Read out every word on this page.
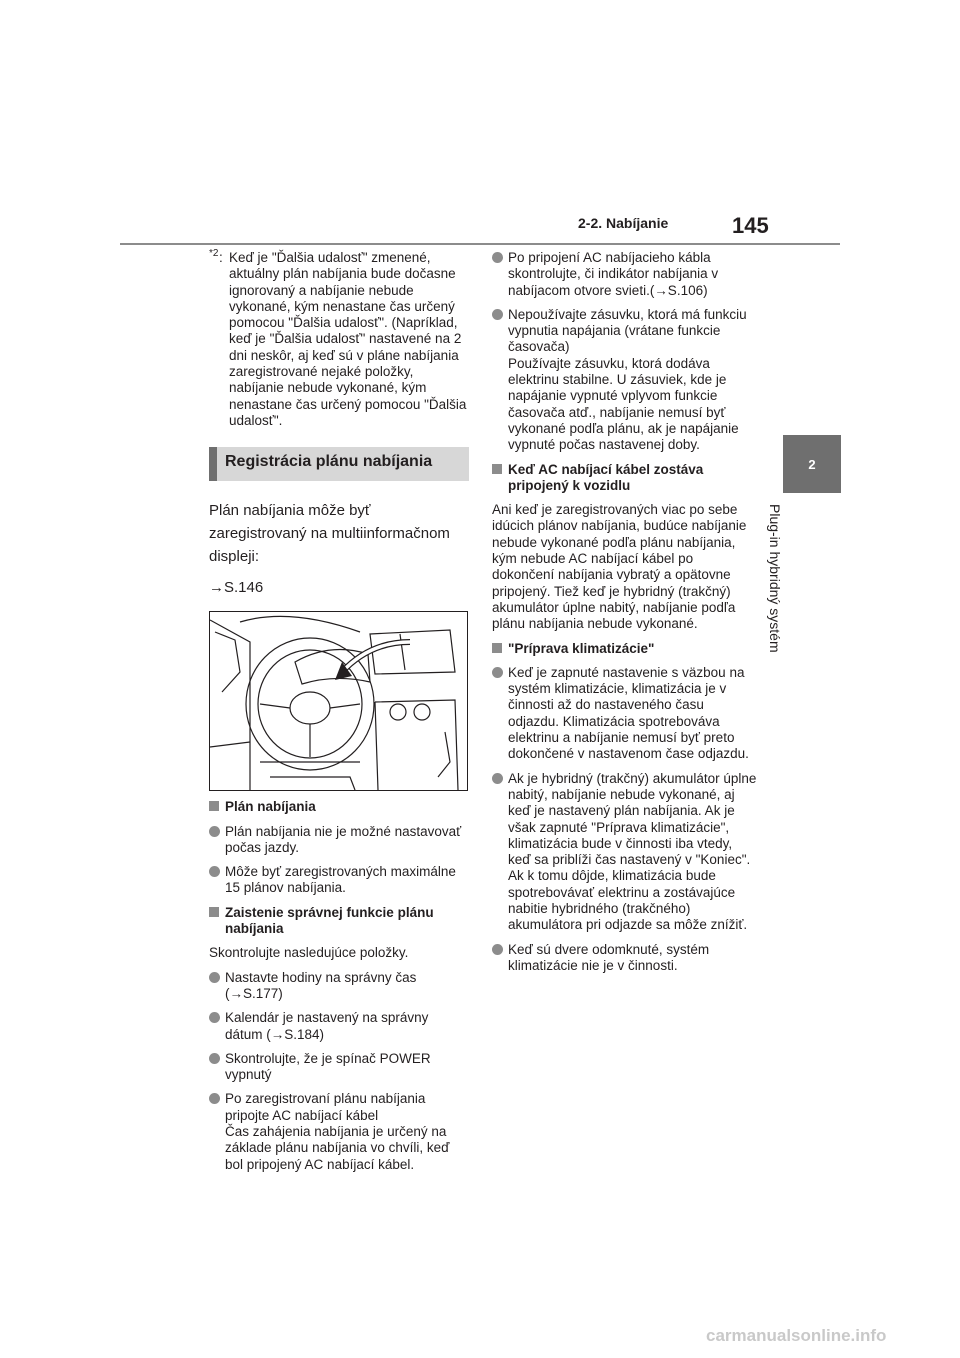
2-2. Nabíjanie	145
2
Plug-in hybridný systém
*2 : Keď je "Ďalšia udalosť" zmenené, aktuálny plán nabíjania bude dočasne ignorovaný a nabíjanie nebude vykonané, kým nenastane čas určený pomocou "Ďalšia udalosť". (Napríklad, keď je "Ďalšia udalosť" nastavené na 2 dni neskôr, aj keď sú v pláne nabíjania zaregistrované nejaké položky, nabíjanie nebude vykonané, kým nenastane čas určený pomocou "Ďalšia udalosť".

Registrácia plánu nabíjania

Plán nabíjania môže byť zaregistrovaný na multiinformačnom displeji:

→S.146

Plán nabíjania

Plán nabíjania nie je možné nastavovať počas jazdy.

Môže byť zaregistrovaných maximálne 15 plánov nabíjania.

Zaistenie správnej funkcie plánu nabíjania

Skontrolujte nasledujúce položky.

Nastavte hodiny na správny čas (→S.177)

Kalendár je nastavený na správny dátum (→S.184)

Skontrolujte, že je spínač POWER vypnutý

Po zaregistrovaní plánu nabíjania pripojte AC nabíjací kábel
Čas zahájenia nabíjania je určený na základe plánu nabíjania vo chvíli, keď bol pripojený AC nabíjací kábel.

Po pripojení AC nabíjacieho kábla skontrolujte, či indikátor nabíjania v nabíjacom otvore svieti.(→S.106)

Nepoužívajte zásuvku, ktorá má funkciu vypnutia napájania (vrátane funkcie časovača)
Používajte zásuvku, ktorá dodáva elektrinu stabilne. U zásuviek, kde je napájanie vypnuté vplyvom funkcie časovača atď., nabíjanie nemusí byť vykonané podľa plánu, ak je napájanie vypnuté počas nastavenej doby.

Keď AC nabíjací kábel zostáva pripojený k vozidlu

Ani keď je zaregistrovaných viac po sebe idúcich plánov nabíjania, budúce nabíjanie nebude vykonané podľa plánu nabíjania, kým nebude AC nabíjací kábel po dokončení nabíjania vybratý a opätovne pripojený. Tiež keď je hybridný (trakčný) akumulátor úplne nabitý, nabíjanie podľa plánu nabíjania nebude vykonané.

"Príprava klimatizácie"

Keď je zapnuté nastavenie s väzbou na systém klimatizácie, klimatizácia je v činnosti až do nastaveného času odjazdu. Klimatizácia spotrebováva elektrinu a nabíjanie nemusí byť preto dokončené v nastavenom čase odjazdu.

Ak je hybridný (trakčný) akumulátor úplne nabitý, nabíjanie nebude vykonané, aj keď je nastavený plán nabíjania. Ak je však zapnuté "Príprava klimatizácie", klimatizácia bude v činnosti iba vtedy, keď sa priblíži čas nastavený v "Koniec". Ak k tomu dôjde, klimatizácia bude spotrebovávať elektrinu a zostávajúce nabitie hybridného (trakčného) akumulátora pri odjazde sa môže znížiť.

Keď sú dvere odomknuté, systém klimatizácie nie je v činnosti.

carmanualsonline.info
